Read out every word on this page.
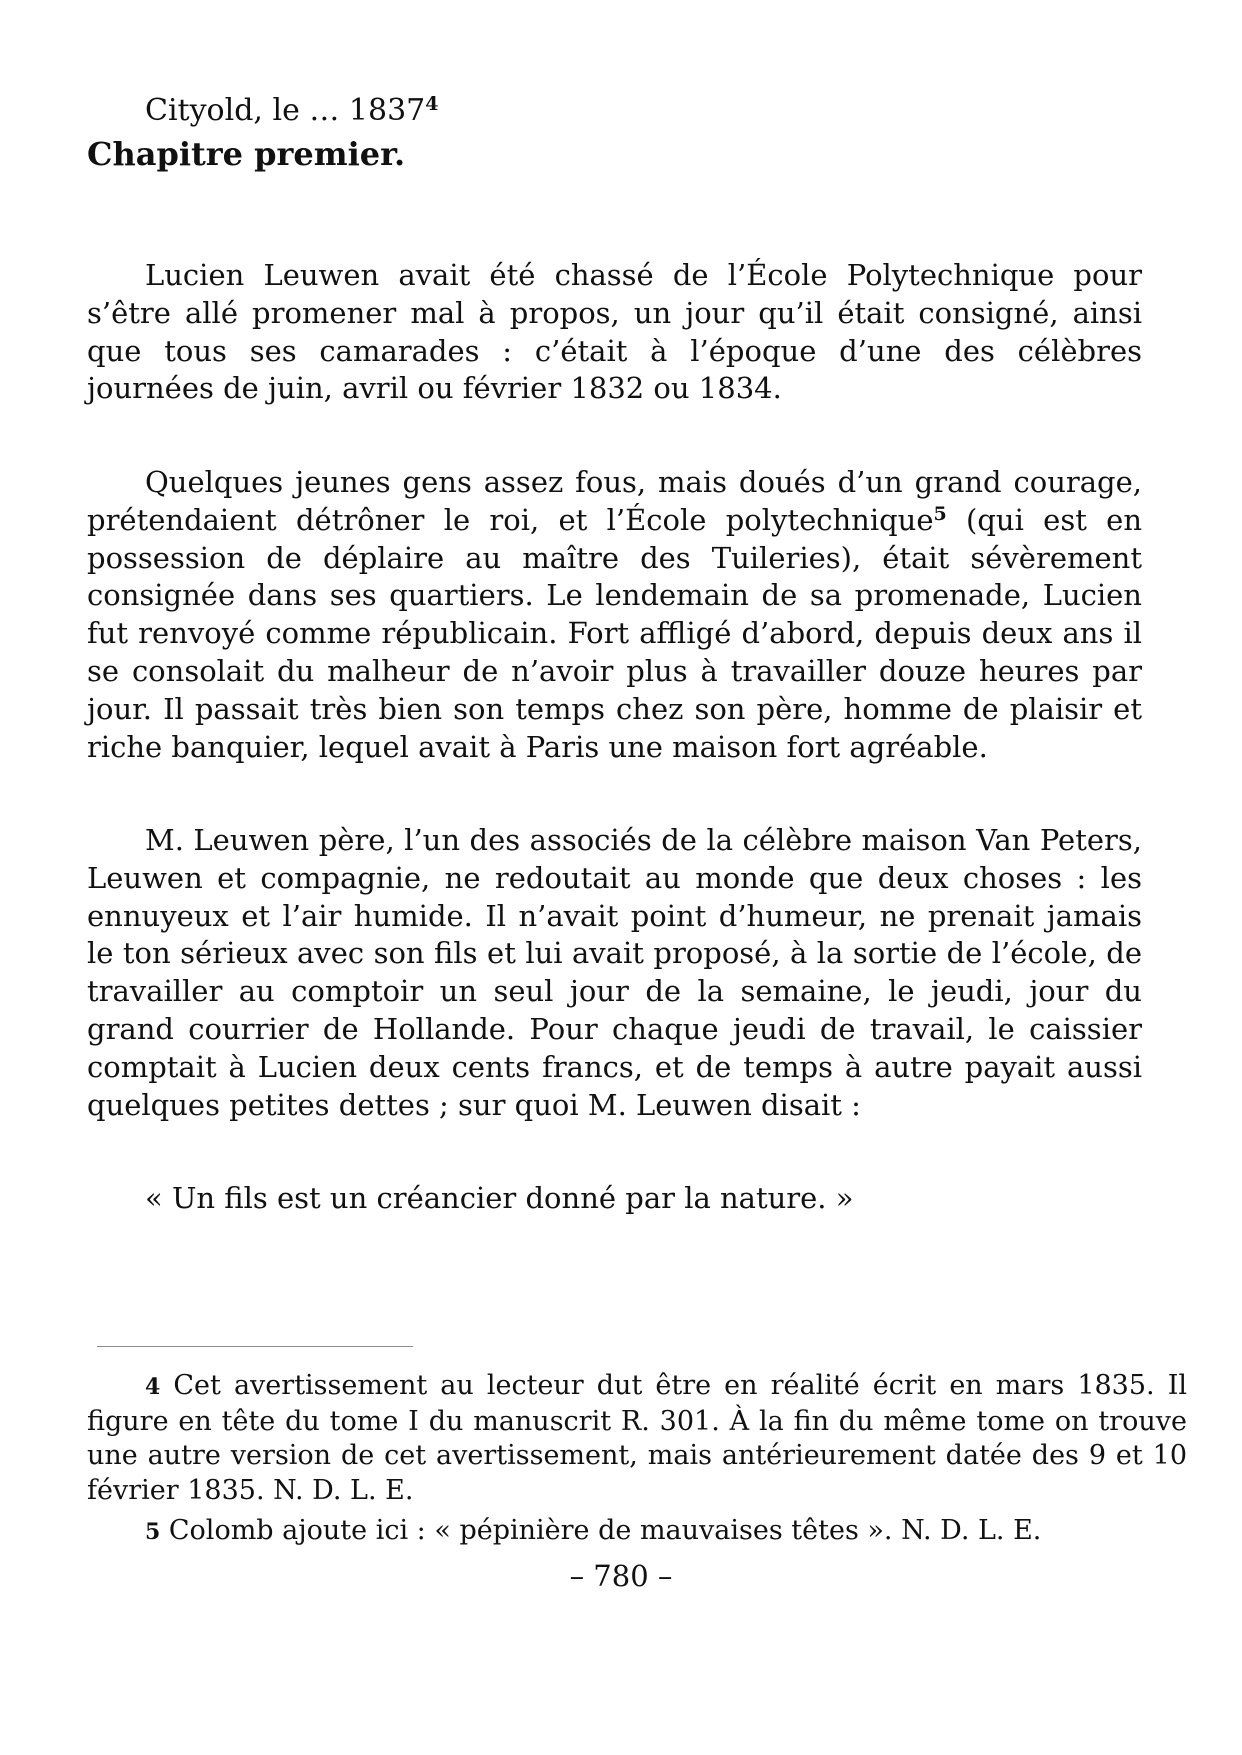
Cityold, le … 1837$^4$
Chapitre premier.

Lucien Leuwen avait été chassé de l’École Polytechnique pour s’être allé promener mal à propos, un jour qu’il était consigné, ainsi que tous ses camarades : c’était à l’époque d’une des célèbres journées de juin, avril ou février 1832 ou 1834.

Quelques jeunes gens assez fous, mais doués d’un grand courage, prétendaient détrôner le roi, et l’École polytechnique$^5$ (qui est en possession de déplaire au maître des Tuileries), était sévèrement consignée dans ses quartiers. Le lendemain de sa promenade, Lucien fut renvoyé comme républicain. Fort affligé d’abord, depuis deux ans il se consolait du malheur de n’avoir plus à travailler douze heures par jour. Il passait très bien son temps chez son père, homme de plaisir et riche banquier, lequel avait à Paris une maison fort agréable.

M. Leuwen père, l’un des associés de la célèbre maison Van Peters, Leuwen et compagnie, ne redoutait au monde que deux choses : les ennuyeux et l’air humide. Il n’avait point d’humeur, ne prenait jamais le ton sérieux avec son fils et lui avait proposé, à la sortie de l’école, de travailler au comptoir un seul jour de la semaine, le jeudi, jour du grand courrier de Hollande. Pour chaque jeudi de travail, le caissier comptait à Lucien deux cents francs, et de temps à autre payait aussi quelques petites dettes ; sur quoi M. Leuwen disait :

« Un fils est un créancier donné par la nature. »

4 Cet avertissement au lecteur dut être en réalité écrit en mars 1835. Il figure en tête du tome I du manuscrit R. 301. À la fin du même tome on trouve une autre version de cet avertissement, mais antérieurement datée des 9 et 10 février 1835. N. D. L. E.

5 Colomb ajoute ici : « pépinière de mauvaises têtes ». N. D. L. E.

– 780 –
